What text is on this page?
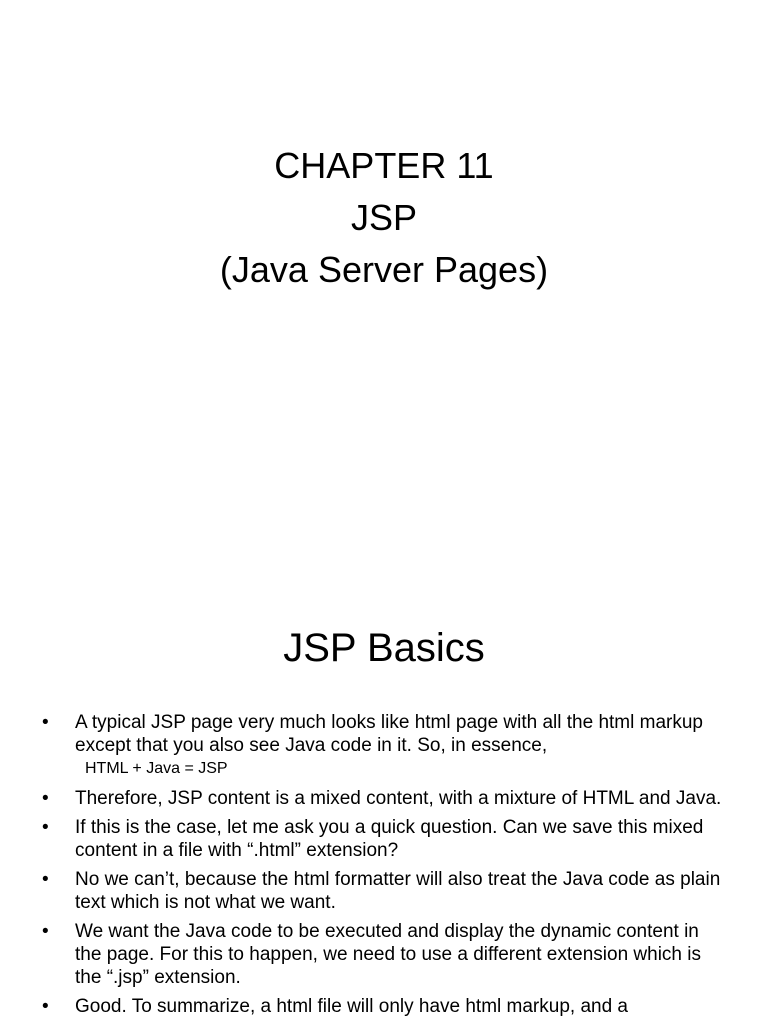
CHAPTER 11
JSP
(Java Server Pages)
JSP Basics
• A typical JSP page very much looks like html page with all the html markup except that you also see Java code in it. So, in essence,
HTML + Java = JSP
• Therefore, JSP content is a mixed content, with a mixture of HTML and Java.
• If this is the case, let me ask you a quick question. Can we save this mixed content in a file with “.html” extension?
• No we can’t, because the html formatter will also treat the Java code as plain text which is not what we want.
• We want the Java code to be executed and display the dynamic content in the page. For this to happen, we need to use a different extension which is the “.jsp” extension.
• Good. To summarize, a html file will only have html markup, and a
